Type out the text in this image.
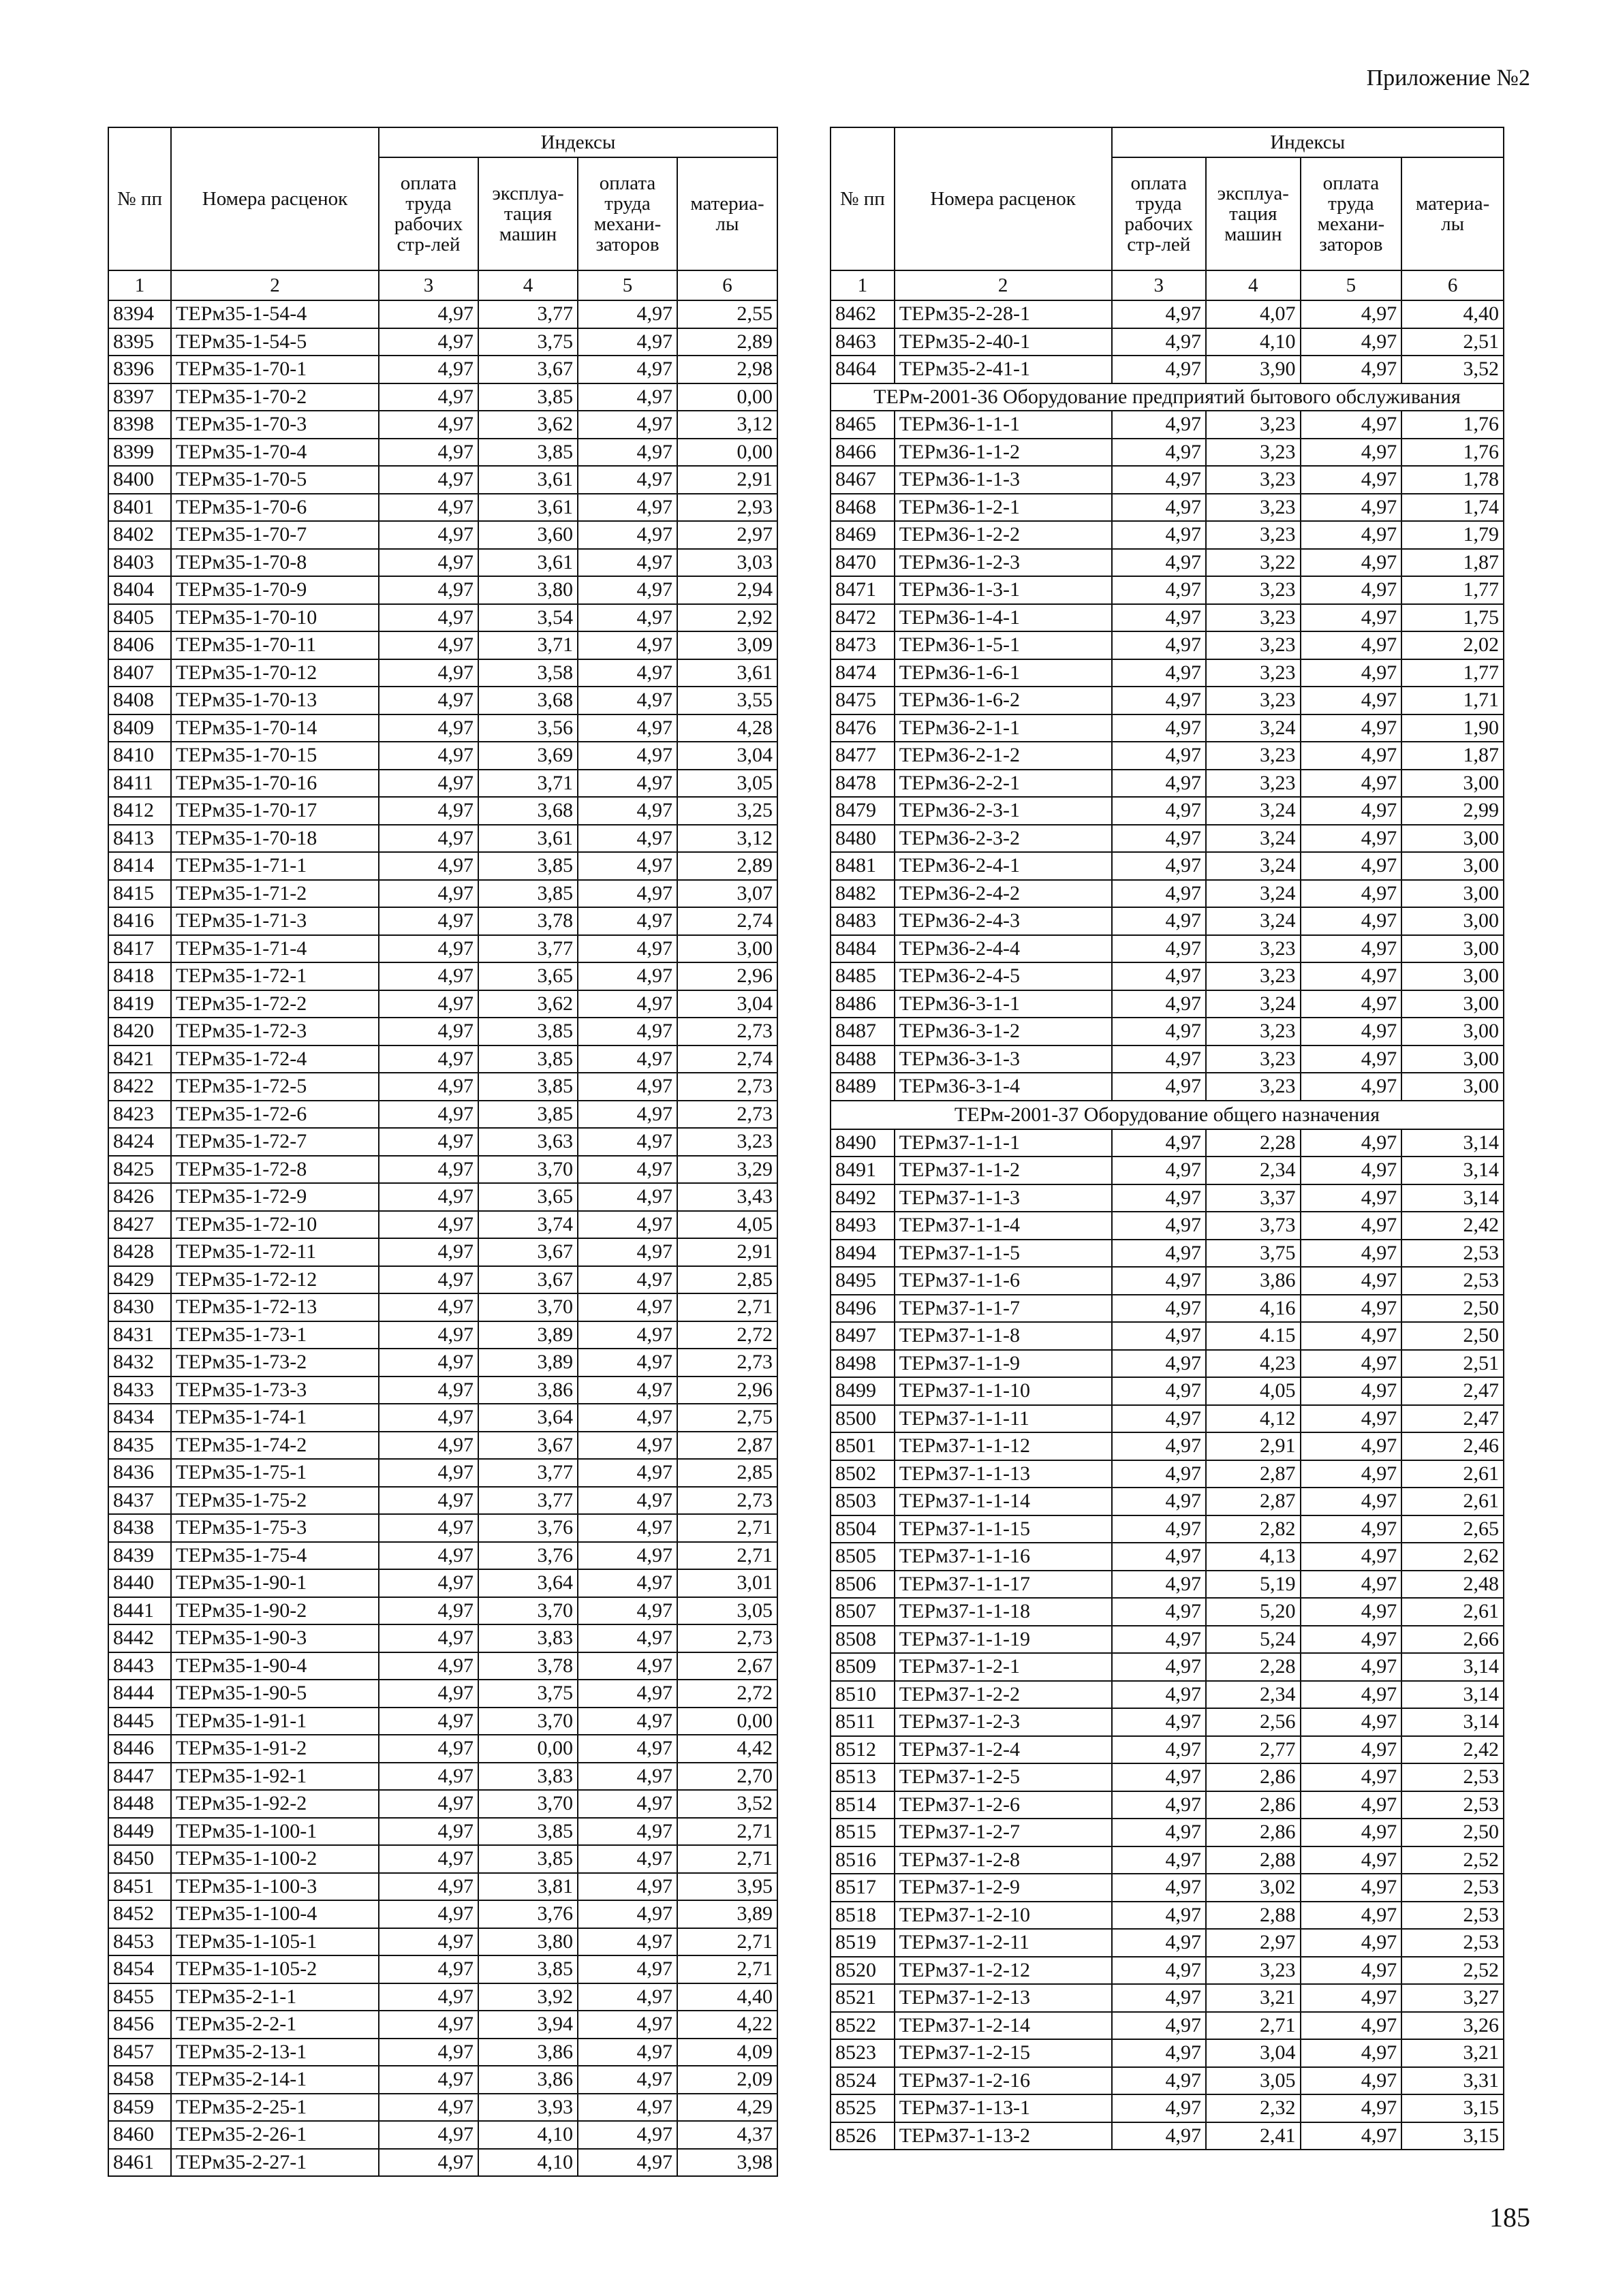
Приложение №2
№ пп	Номера расценок	Индексы			
		оплата труда рабочих стр-лей	эксплуа- тация машин	оплата труда механи- заторов	материа- лы
1	2	3	4	5	6
8394	ТЕРм35-1-54-4	4,97	3,77	4,97	2,55
8395	ТЕРм35-1-54-5	4,97	3,75	4,97	2,89
8396	ТЕРм35-1-70-1	4,97	3,67	4,97	2,98
8397	ТЕРм35-1-70-2	4,97	3,85	4,97	0,00
8398	ТЕРм35-1-70-3	4,97	3,62	4,97	3,12
8399	ТЕРм35-1-70-4	4,97	3,85	4,97	0,00
8400	ТЕРм35-1-70-5	4,97	3,61	4,97	2,91
8401	ТЕРм35-1-70-6	4,97	3,61	4,97	2,93
8402	ТЕРм35-1-70-7	4,97	3,60	4,97	2,97
8403	ТЕРм35-1-70-8	4,97	3,61	4,97	3,03
8404	ТЕРм35-1-70-9	4,97	3,80	4,97	2,94
8405	ТЕРм35-1-70-10	4,97	3,54	4,97	2,92
8406	ТЕРм35-1-70-11	4,97	3,71	4,97	3,09
8407	ТЕРм35-1-70-12	4,97	3,58	4,97	3,61
8408	ТЕРм35-1-70-13	4,97	3,68	4,97	3,55
8409	ТЕРм35-1-70-14	4,97	3,56	4,97	4,28
8410	ТЕРм35-1-70-15	4,97	3,69	4,97	3,04
8411	ТЕРм35-1-70-16	4,97	3,71	4,97	3,05
8412	ТЕРм35-1-70-17	4,97	3,68	4,97	3,25
8413	ТЕРм35-1-70-18	4,97	3,61	4,97	3,12
8414	ТЕРм35-1-71-1	4,97	3,85	4,97	2,89
8415	ТЕРм35-1-71-2	4,97	3,85	4,97	3,07
8416	ТЕРм35-1-71-3	4,97	3,78	4,97	2,74
8417	ТЕРм35-1-71-4	4,97	3,77	4,97	3,00
8418	ТЕРм35-1-72-1	4,97	3,65	4,97	2,96
8419	ТЕРм35-1-72-2	4,97	3,62	4,97	3,04
8420	ТЕРм35-1-72-3	4,97	3,85	4,97	2,73
8421	ТЕРм35-1-72-4	4,97	3,85	4,97	2,74
8422	ТЕРм35-1-72-5	4,97	3,85	4,97	2,73
8423	ТЕРм35-1-72-6	4,97	3,85	4,97	2,73
8424	ТЕРм35-1-72-7	4,97	3,63	4,97	3,23
8425	ТЕРм35-1-72-8	4,97	3,70	4,97	3,29
8426	ТЕРм35-1-72-9	4,97	3,65	4,97	3,43
8427	ТЕРм35-1-72-10	4,97	3,74	4,97	4,05
8428	ТЕРм35-1-72-11	4,97	3,67	4,97	2,91
8429	ТЕРм35-1-72-12	4,97	3,67	4,97	2,85
8430	ТЕРм35-1-72-13	4,97	3,70	4,97	2,71
8431	ТЕРм35-1-73-1	4,97	3,89	4,97	2,72
8432	ТЕРм35-1-73-2	4,97	3,89	4,97	2,73
8433	ТЕРм35-1-73-3	4,97	3,86	4,97	2,96
8434	ТЕРм35-1-74-1	4,97	3,64	4,97	2,75
8435	ТЕРм35-1-74-2	4,97	3,67	4,97	2,87
8436	ТЕРм35-1-75-1	4,97	3,77	4,97	2,85
8437	ТЕРм35-1-75-2	4,97	3,77	4,97	2,73
8438	ТЕРм35-1-75-3	4,97	3,76	4,97	2,71
8439	ТЕРм35-1-75-4	4,97	3,76	4,97	2,71
8440	ТЕРм35-1-90-1	4,97	3,64	4,97	3,01
8441	ТЕРм35-1-90-2	4,97	3,70	4,97	3,05
8442	ТЕРм35-1-90-3	4,97	3,83	4,97	2,73
8443	ТЕРм35-1-90-4	4,97	3,78	4,97	2,67
8444	ТЕРм35-1-90-5	4,97	3,75	4,97	2,72
8445	ТЕРм35-1-91-1	4,97	3,70	4,97	0,00
8446	ТЕРм35-1-91-2	4,97	0,00	4,97	4,42
8447	ТЕРм35-1-92-1	4,97	3,83	4,97	2,70
8448	ТЕРм35-1-92-2	4,97	3,70	4,97	3,52
8449	ТЕРм35-1-100-1	4,97	3,85	4,97	2,71
8450	ТЕРм35-1-100-2	4,97	3,85	4,97	2,71
8451	ТЕРм35-1-100-3	4,97	3,81	4,97	3,95
8452	ТЕРм35-1-100-4	4,97	3,76	4,97	3,89
8453	ТЕРм35-1-105-1	4,97	3,80	4,97	2,71
8454	ТЕРм35-1-105-2	4,97	3,85	4,97	2,71
8455	ТЕРм35-2-1-1	4,97	3,92	4,97	4,40
8456	ТЕРм35-2-2-1	4,97	3,94	4,97	4,22
8457	ТЕРм35-2-13-1	4,97	3,86	4,97	4,09
8458	ТЕРм35-2-14-1	4,97	3,86	4,97	2,09
8459	ТЕРм35-2-25-1	4,97	3,93	4,97	4,29
8460	ТЕРм35-2-26-1	4,97	4,10	4,97	4,37
8461	ТЕРм35-2-27-1	4,97	4,10	4,97	3,98
№ пп	Номера расценок	Индексы			
		оплата труда рабочих стр-лей	эксплуа- тация машин	оплата труда механи- заторов	материа- лы
1	2	3	4	5	6
8462	ТЕРм35-2-28-1	4,97	4,07	4,97	4,40
8463	ТЕРм35-2-40-1	4,97	4,10	4,97	2,51
8464	ТЕРм35-2-41-1	4,97	3,90	4,97	3,52
ТЕРм-2001-36 Оборудование предприятий бытового обслуживания					
8465	ТЕРм36-1-1-1	4,97	3,23	4,97	1,76
8466	ТЕРм36-1-1-2	4,97	3,23	4,97	1,76
8467	ТЕРм36-1-1-3	4,97	3,23	4,97	1,78
8468	ТЕРм36-1-2-1	4,97	3,23	4,97	1,74
8469	ТЕРм36-1-2-2	4,97	3,23	4,97	1,79
8470	ТЕРм36-1-2-3	4,97	3,22	4,97	1,87
8471	ТЕРм36-1-3-1	4,97	3,23	4,97	1,77
8472	ТЕРм36-1-4-1	4,97	3,23	4,97	1,75
8473	ТЕРм36-1-5-1	4,97	3,23	4,97	2,02
8474	ТЕРм36-1-6-1	4,97	3,23	4,97	1,77
8475	ТЕРм36-1-6-2	4,97	3,23	4,97	1,71
8476	ТЕРм36-2-1-1	4,97	3,24	4,97	1,90
8477	ТЕРм36-2-1-2	4,97	3,23	4,97	1,87
8478	ТЕРм36-2-2-1	4,97	3,23	4,97	3,00
8479	ТЕРм36-2-3-1	4,97	3,24	4,97	2,99
8480	ТЕРм36-2-3-2	4,97	3,24	4,97	3,00
8481	ТЕРм36-2-4-1	4,97	3,24	4,97	3,00
8482	ТЕРм36-2-4-2	4,97	3,24	4,97	3,00
8483	ТЕРм36-2-4-3	4,97	3,24	4,97	3,00
8484	ТЕРм36-2-4-4	4,97	3,23	4,97	3,00
8485	ТЕРм36-2-4-5	4,97	3,23	4,97	3,00
8486	ТЕРм36-3-1-1	4,97	3,24	4,97	3,00
8487	ТЕРм36-3-1-2	4,97	3,23	4,97	3,00
8488	ТЕРм36-3-1-3	4,97	3,23	4,97	3,00
8489	ТЕРм36-3-1-4	4,97	3,23	4,97	3,00
ТЕРм-2001-37 Оборудование общего назначения					
8490	ТЕРм37-1-1-1	4,97	2,28	4,97	3,14
8491	ТЕРм37-1-1-2	4,97	2,34	4,97	3,14
8492	ТЕРм37-1-1-3	4,97	3,37	4,97	3,14
8493	ТЕРм37-1-1-4	4,97	3,73	4,97	2,42
8494	ТЕРм37-1-1-5	4,97	3,75	4,97	2,53
8495	ТЕРм37-1-1-6	4,97	3,86	4,97	2,53
8496	ТЕРм37-1-1-7	4,97	4,16	4,97	2,50
8497	ТЕРм37-1-1-8	4,97	4.15	4,97	2,50
8498	ТЕРм37-1-1-9	4,97	4,23	4,97	2,51
8499	ТЕРм37-1-1-10	4,97	4,05	4,97	2,47
8500	ТЕРм37-1-1-11	4,97	4,12	4,97	2,47
8501	ТЕРм37-1-1-12	4,97	2,91	4,97	2,46
8502	ТЕРм37-1-1-13	4,97	2,87	4,97	2,61
8503	ТЕРм37-1-1-14	4,97	2,87	4,97	2,61
8504	ТЕРм37-1-1-15	4,97	2,82	4,97	2,65
8505	ТЕРм37-1-1-16	4,97	4,13	4,97	2,62
8506	ТЕРм37-1-1-17	4,97	5,19	4,97	2,48
8507	ТЕРм37-1-1-18	4,97	5,20	4,97	2,61
8508	ТЕРм37-1-1-19	4,97	5,24	4,97	2,66
8509	ТЕРм37-1-2-1	4,97	2,28	4,97	3,14
8510	ТЕРм37-1-2-2	4,97	2,34	4,97	3,14
8511	ТЕРм37-1-2-3	4,97	2,56	4,97	3,14
8512	ТЕРм37-1-2-4	4,97	2,77	4,97	2,42
8513	ТЕРм37-1-2-5	4,97	2,86	4,97	2,53
8514	ТЕРм37-1-2-6	4,97	2,86	4,97	2,53
8515	ТЕРм37-1-2-7	4,97	2,86	4,97	2,50
8516	ТЕРм37-1-2-8	4,97	2,88	4,97	2,52
8517	ТЕРм37-1-2-9	4,97	3,02	4,97	2,53
8518	ТЕРм37-1-2-10	4,97	2,88	4,97	2,53
8519	ТЕРм37-1-2-11	4,97	2,97	4,97	2,53
8520	ТЕРм37-1-2-12	4,97	3,23	4,97	2,52
8521	ТЕРм37-1-2-13	4,97	3,21	4,97	3,27
8522	ТЕРм37-1-2-14	4,97	2,71	4,97	3,26
8523	ТЕРм37-1-2-15	4,97	3,04	4,97	3,21
8524	ТЕРм37-1-2-16	4,97	3,05	4,97	3,31
8525	ТЕРм37-1-13-1	4,97	2,32	4,97	3,15
8526	ТЕРм37-1-13-2	4,97	2,41	4,97	3,15
185
